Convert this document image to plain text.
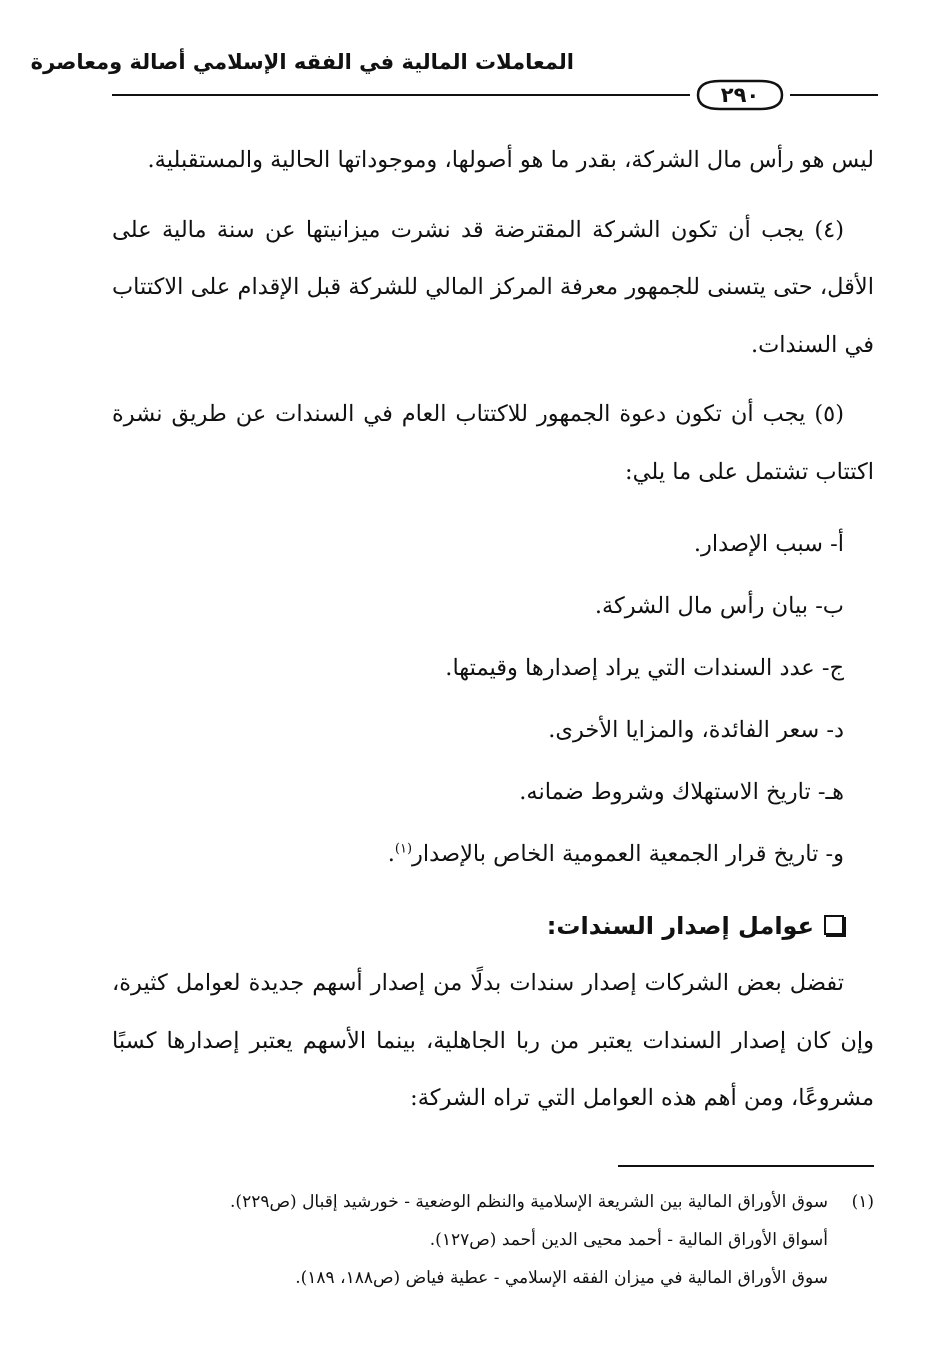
المعاملات المالية في الفقه الإسلامي أصالة ومعاصرة
٢٩٠

ليس هو رأس مال الشركة، بقدر ما هو أصولها، وموجوداتها الحالية والمستقبلية.

(٤) يجب أن تكون الشركة المقترضة قد نشرت ميزانيتها عن سنة مالية على الأقل، حتى يتسنى للجمهور معرفة المركز المالي للشركة قبل الإقدام على الاكتتاب في السندات.

(٥) يجب أن تكون دعوة الجمهور للاكتتاب العام في السندات عن طريق نشرة اكتتاب تشتمل على ما يلي:

أ- سبب الإصدار.
ب- بيان رأس مال الشركة.
ج- عدد السندات التي يراد إصدارها وقيمتها.
د- سعر الفائدة، والمزايا الأخرى.
هـ- تاريخ الاستهلاك وشروط ضمانه.
و- تاريخ قرار الجمعية العمومية الخاص بالإصدار$^{(١)}$.
عوامل إصدار السندات:

تفضل بعض الشركات إصدار سندات بدلًا من إصدار أسهم جديدة لعوامل كثيرة، وإن كان إصدار السندات يعتبر من ربا الجاهلية، بينما الأسهم يعتبر إصدارها كسبًا مشروعًا، ومن أهم هذه العوامل التي تراه الشركة:

(١)سوق الأوراق المالية بين الشريعة الإسلامية والنظم الوضعية - خورشيد إقبال (ص٢٢٩).
أسواق الأوراق المالية - أحمد محيى الدين أحمد (ص١٢٧).
سوق الأوراق المالية في ميزان الفقه الإسلامي - عطية فياض (ص١٨٨، ١٨٩).
